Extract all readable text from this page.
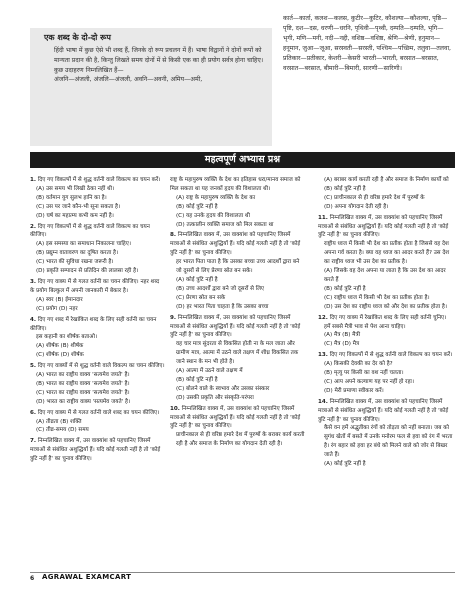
एक शब्द के दो-दो रूप
हिंदी भाषा में कुछ ऐसे भी शब्द हैं, जिनके दो रूप प्रचलन में हैं। भाषा विद्वानों ने दोनों रूपों को मान्यता प्रदान की है, किन्तु लिखते समय दोनों में से किसी एक का ही प्रयोग सर्वत्र होना चाहिए। कुछ उदाहरण निम्नलिखित हैं—
अंजनि—अंजली, अंजलि—अंजली, अवनि—अवनी, अमिय—अमी,
कार्त—कार्ता, कलश—कलस, कुटीर—कुटिर, कौशल्या—कौशल्या, पृष्ठि—पृष्टि, दश—दस, धरणी—धरनि, पृथिवी—पृथ्वी, दम्पति—दम्पति, भृगि—भृगी, मणि—मनी, नदी—नद्दी, वशिष्ठ—वशिष्ठ, श्रेणि—श्रेणी, हनुमान—हनूमान, जुआ—जूआ, सरस्वती—सरस्ती, पश्चिम—पच्छिम, तलुवा—तलवा, प्रतिकार—प्रतीकार, केशरी—केसरी भारती—भारती, बरसात—बरसात, वरसात—बरसात, बीमारी—बिमारी, सारणी—सारिणी।
महत्वपूर्ण अभ्यास प्रश्न
1. दिए गए विकल्पों में से शुद्ध वर्तनी वाले विकल्प का चयन करें।
(A) उस समय भी लिखी ठेका नहीं थी।
(B) वर्तमान युग सुलभ हानि का है।
(C) उस पर जाने कौन-भी सूना सकता है।
(D) घर्ष का महात्म्य कभी कम नहीं है।
2. दिए गए विकल्पों में से शुद्ध वर्तनी वाले विकल्प का चयन कीजिए।
(A) इस समस्या का समाधान निकालना चाहिए।
(B) प्रद्युम्न वातावरण का दूषित करता है।
(C) भारत की सुविधा रखना जरूरी है।
(D) प्रकृति सम्पादन से प्रतिदिन की लालसा रही है।
3. दिए गए वाक्य में से गलत वर्तनी का चयन कीजिए। नहर शब्द के प्रयोग बिल्कुल में अपनी जानकारी में बेकार है।
(A) स्वर (B) ईमानदार
(C) प्रयोग (D) नहर
4. दिए गए शब्द में रेखांकित शब्द के लिए सही वर्तनी का चयन कीजिए।
इस कहानी का शीर्षक बताओ।
(A) शीर्षक (B) शीर्षक
(C) शीर्षक (D) शीर्षक
5. दिए गए वाक्यों में से शुद्ध वर्तनी वाले विकल्प का चयन कीजिए।
(A) भारत का राष्ट्रीय वाक्य 'सत्यमेव जयते' है।
(B) भारत का राष्ट्रीय वाक्य 'सत्यमेव जयते' है।
(C) भारत का राष्ट्रीय वाक्य 'सत्यमेव जयते' है।
(D) भारत का राष्ट्रीय वाक्य 'सत्यमेव जयते' है।
6. दिए गए वाक्य में से गलत वर्तनी वाले शब्द का चयन कीजिए।
(A) तीव्रता (B) शक्ति
(C) तीव्र-समय (D) समय
7. निम्नलिखित वाक्य में, उस वाक्यांश को पहचानिए जिसमें मात्राओं से संबंधित अशुद्धियाँ हैं। यदि कोई गलती नहीं है तो 'कोई त्रुटि नहीं है' का चुनाव कीजिए।
राष्ट्र के महापुरुष व्यक्ति के देश का इतिहास धरा/मानव समाज को मिल सकता था यह जनकों हृदय की विशालता थी।
(A) राष्ट्र के महापुरुष व्यक्ति के देश का
(B) कोई त्रुटि नहीं है
(C) यह उनके हृदय की विशालता थी
(D) तत्कालीन व्यक्ति समाज को मिल सकता था
8. निम्नलिखित वाक्य में, उस वाक्यांश को पहचानिए जिसमें मात्राओं से संबंधित अशुद्धियाँ हैं। यदि कोई गलती नहीं है तो 'कोई त्रुटि नहीं है' का चुनाव कीजिए।
हर भारत पिता पाता है कि उसका बच्चा उच्च आदर्शों द्वारा बने जो दूसरों से लिए प्रेरणा स्रोत बन सके।
(A) कोई त्रुटि नहीं है
(B) उच्च आदर्शों द्वारा बने जो दूसरों से लिए
(C) प्रेरणा स्रोत बन सके
(D) हर भारत पिता चाहता है कि उसका बच्चा
9. निम्नलिखित वाक्य में, उस वाक्यांश को पहचानिए जिसमें मात्राओं से संबंधित अशुद्धियाँ हैं। यदि कोई गलती नहीं है तो 'कोई त्रुटि नहीं है' का चुनाव कीजिए।
वह चार मात्र सुंदरता से विकसित होती ना के मल जाता और ग्रामीण मात्र, आत्मा में उठने वाले तक्षण में शीध्र विकसित तक जाने स्थान के मन भी होते है।
(A) आत्मा में उठने वाले तक्षण में
(B) कोई त्रुटि नहीं है
(C) बोलने वाले के स्वभाव और उसका संस्कार
(D) उसकी प्रकृति और संस्कृति-परंपरा
10. निम्नलिखित वाक्य में, उस वाक्यांश को पहचानिए जिसमें मात्राओं से संबंधित अशुद्धियाँ हैं। यदि कोई गलती नहीं है तो 'कोई त्रुटि नहीं है' का चुनाव कीजिए।
प्राचीनकाल से ही वरिष्ठ हमारे देश में पुरुषों के बराबर कार्य करती रही है और समाज के निर्माण का योगदान देती रही है।
(A) बराबर कार्य करती रही है और समाज के निर्माण कार्यों को
(B) कोई त्रुटि नहीं है
(C) प्राचीनकाल से ही वरिष्ठ हमारे देश में पुरुषों के
(D) अपना योगदान देती रही है।
11. निम्नलिखित वाक्य में, उस वाक्यांश को पहचानिए जिसमें मात्राओं से संबंधित अशुद्धियाँ हैं। यदि कोई गलती नहीं है तो 'कोई त्रुटि नहीं है' का चुनाव कीजिए।
राष्ट्रीय ध्वज में किसी भी देश का प्रतीक होता है जिससे वह देश अपना गर्व करता है। क्या वह ध्वज का आदर करते हैं? उस देश का राष्ट्रीय ध्वज भी उस देश का प्रतीक है।
(A) जिसके वह देश अपना या लाता है कि उस देश का आदर करते हैं
(B) कोई त्रुटि नहीं है
(C) राष्ट्रीय ध्वज में किसी भी देश का प्रतीक होता है।
(D) उस देश का राष्ट्रीय ध्वज को और देश का प्रतीक होता है।
12. दिए गए वाक्य में रेखांकित शब्द के लिए सही वर्तनी चुनिए।
हमें सबसे मैत्री भाव से पेश आना चाहिए।
(A) मैत्र (B) मैत्री
(C) मैत्र (D) मैत्र
13. दिए गए विकल्पों में से शुद्ध वर्तनी वाले विकल्प का चयन करें।
(A) किसकी देवकी का देर को है?
(B) मृत्यु पर किसी का वश नहीं चलता।
(C) आप अपने कल्याण यह पर नहीं हो रहा।
(D) मेरी प्रमाणा स्वीकार करें।
14. निम्नलिखित वाक्य में, उस वाक्यांश को पहचानिए जिसमें मात्राओं से संबंधित अशुद्धियाँ हैं। यदि कोई गलती नहीं है तो 'कोई त्रुटि नहीं है' का चुनाव कीजिए।
कैसे वन हमें अद्भुतीका रंगों को तोड़ता को नहीं बनाता। जब को सुगंध खेतों में बसते में उनके मनोरम फल से हवा को रंग में भरता है। रंग बहार को हवा हर बंधे को मिलने वाले को जोर से बिखर जाते हैं।
(A) कोई त्रुटि नहीं है
6 AGRAWAL EXAMCART
